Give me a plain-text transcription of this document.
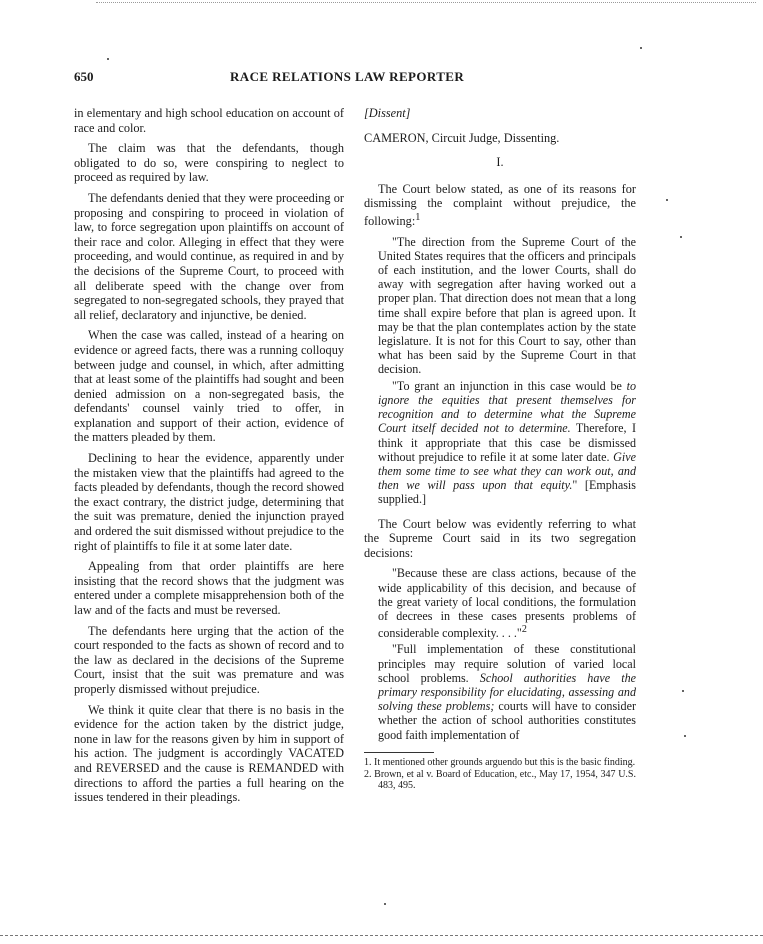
650	RACE RELATIONS LAW REPORTER

in elementary and high school education on account of race and color.

The claim was that the defendants, though obligated to do so, were conspiring to neglect to proceed as required by law.

The defendants denied that they were proceeding or proposing and conspiring to proceed in violation of law, to force segregation upon plaintiffs on account of their race and color. Alleging in effect that they were proceeding, and would continue, as required in and by the decisions of the Supreme Court, to proceed with all deliberate speed with the change over from segregated to non-segregated schools, they prayed that all relief, declaratory and injunctive, be denied.

When the case was called, instead of a hearing on evidence or agreed facts, there was a running colloquy between judge and counsel, in which, after admitting that at least some of the plaintiffs had sought and been denied admission on a non-segregated basis, the defendants' counsel vainly tried to offer, in explanation and support of their action, evidence of the matters pleaded by them.

Declining to hear the evidence, apparently under the mistaken view that the plaintiffs had agreed to the facts pleaded by defendants, though the record showed the exact contrary, the district judge, determining that the suit was premature, denied the injunction prayed and ordered the suit dismissed without prejudice to the right of plaintiffs to file it at some later date.

Appealing from that order plaintiffs are here insisting that the record shows that the judgment was entered under a complete misapprehension both of the law and of the facts and must be reversed.

The defendants here urging that the action of the court responded to the facts as shown of record and to the law as declared in the decisions of the Supreme Court, insist that the suit was premature and was properly dismissed without prejudice.

We think it quite clear that there is no basis in the evidence for the action taken by the district judge, none in law for the reasons given by him in support of his action. The judgment is accordingly VACATED and REVERSED and the cause is REMANDED with directions to afford the parties a full hearing on the issues tendered in their pleadings.

[Dissent]
CAMERON, Circuit Judge, Dissenting.
I.

The Court below stated, as one of its reasons for dismissing the complaint without prejudice, the following:$^1$

"The direction from the Supreme Court of the United States requires that the officers and principals of each institution, and the lower Courts, shall do away with segregation after having worked out a proper plan. That direction does not mean that a long time shall expire before that plan is agreed upon. It may be that the plan contemplates action by the state legislature. It is not for this Court to say, other than what has been said by the Supreme Court in that decision.

"To grant an injunction in this case would be to ignore the equities that present themselves for recognition and to determine what the Supreme Court itself decided not to determine. Therefore, I think it appropriate that this case be dismissed without prejudice to refile it at some later date. Give them some time to see what they can work out, and then we will pass upon that equity." [Emphasis supplied.]

The Court below was evidently referring to what the Supreme Court said in its two segregation decisions:

"Because these are class actions, because of the wide applicability of this decision, and because of the great variety of local conditions, the formulation of decrees in these cases presents problems of considerable complexity. . . ."$^2$

"Full implementation of these constitutional principles may require solution of varied local school problems. School authorities have the primary responsibility for elucidating, assessing and solving these problems; courts will have to consider whether the action of school authorities constitutes good faith implementation of

1. It mentioned other grounds arguendo but this is the basic finding.
2. Brown, et al v. Board of Education, etc., May 17, 1954, 347 U.S. 483, 495.
